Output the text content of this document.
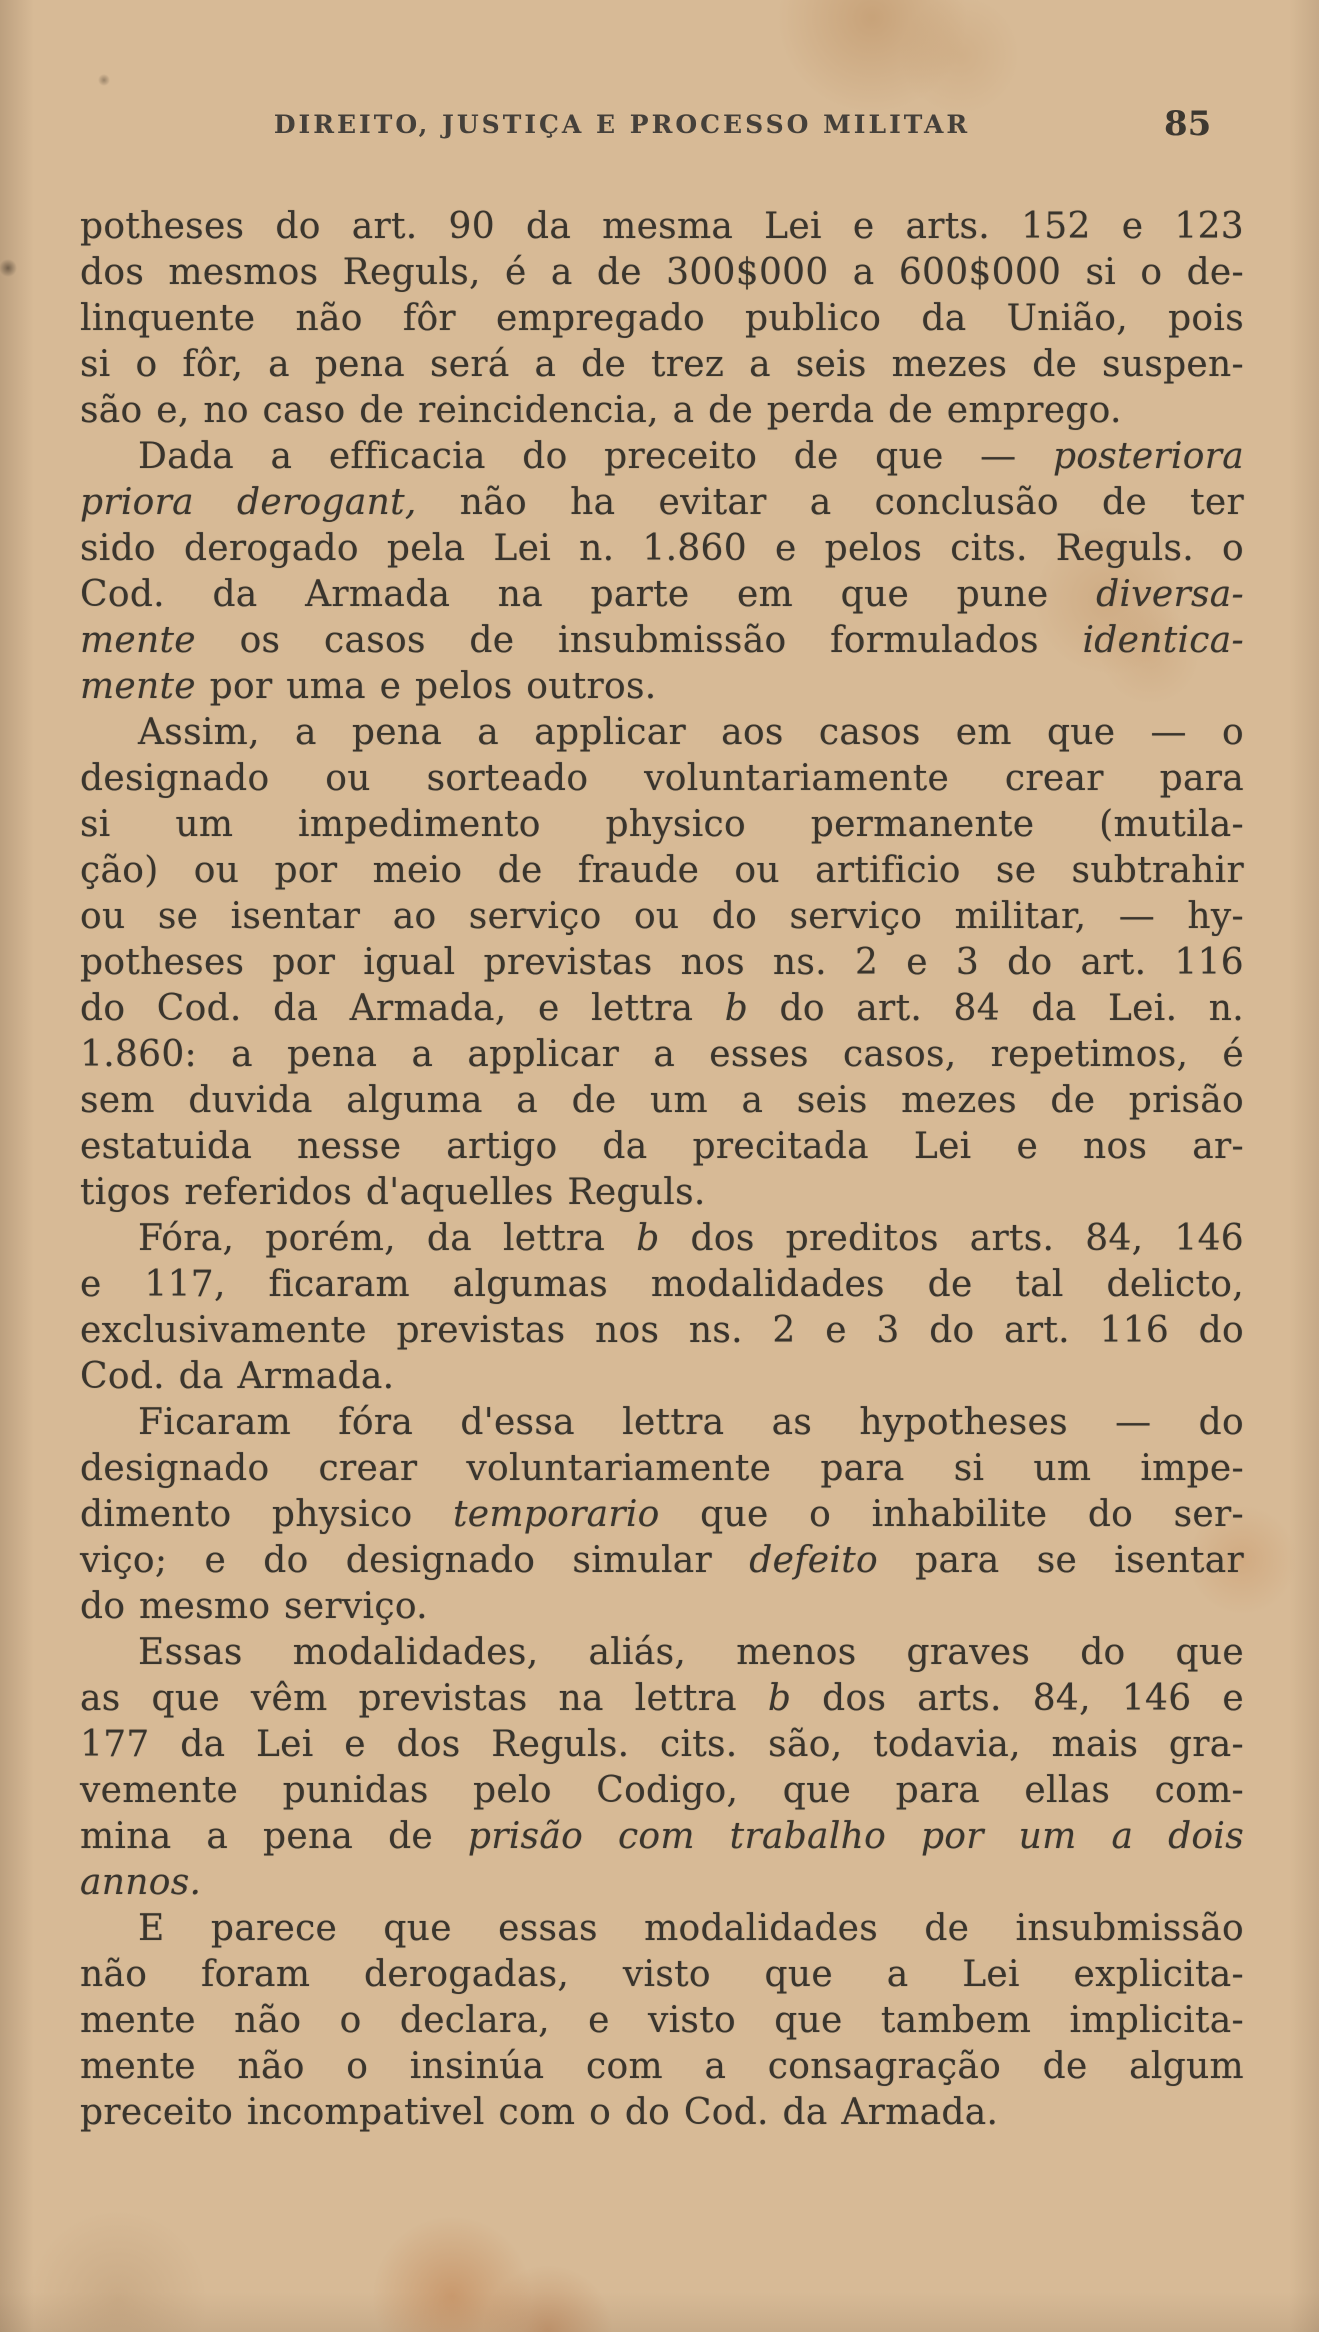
DIREITO, JUSTIÇA E PROCESSO MILITAR	85
potheses do art. 90 da mesma Lei e arts. 152 e 123
dos mesmos Reguls, é a de 300$000 a 600$000 si o de-
linquente não fôr empregado publico da União, pois
si o fôr, a pena será a de trez a seis mezes de suspen-
são e, no caso de reincidencia, a de perda de emprego.
Dada a efficacia do preceito de que — posteriora
priora derogant, não ha evitar a conclusão de ter
sido derogado pela Lei n. 1.860 e pelos cits. Reguls. o
Cod. da Armada na parte em que pune diversa-
mente os casos de insubmissão formulados identica-
mente por uma e pelos outros.
Assim, a pena a applicar aos casos em que — o
designado ou sorteado voluntariamente crear para
si um impedimento physico permanente (mutila-
ção) ou por meio de fraude ou artificio se subtrahir
ou se isentar ao serviço ou do serviço militar, — hy-
potheses por igual previstas nos ns. 2 e 3 do art. 116
do Cod. da Armada, e lettra b do art. 84 da Lei. n.
1.860: a pena a applicar a esses casos, repetimos, é
sem duvida alguma a de um a seis mezes de prisão
estatuida nesse artigo da precitada Lei e nos ar-
tigos referidos d'aquelles Reguls.
Fóra, porém, da lettra b dos preditos arts. 84, 146
e 117, ficaram algumas modalidades de tal delicto,
exclusivamente previstas nos ns. 2 e 3 do art. 116 do
Cod. da Armada.
Ficaram fóra d'essa lettra as hypotheses — do
designado crear voluntariamente para si um impe-
dimento physico temporario que o inhabilite do ser-
viço; e do designado simular defeito para se isentar
do mesmo serviço.
Essas modalidades, aliás, menos graves do que
as que vêm previstas na lettra b dos arts. 84, 146 e
177 da Lei e dos Reguls. cits. são, todavia, mais gra-
vemente punidas pelo Codigo, que para ellas com-
mina a pena de prisão com trabalho por um a dois
annos.
E parece que essas modalidades de insubmissão
não foram derogadas, visto que a Lei explicita-
mente não o declara, e visto que tambem implicita-
mente não o insinúa com a consagração de algum
preceito incompativel com o do Cod. da Armada.
